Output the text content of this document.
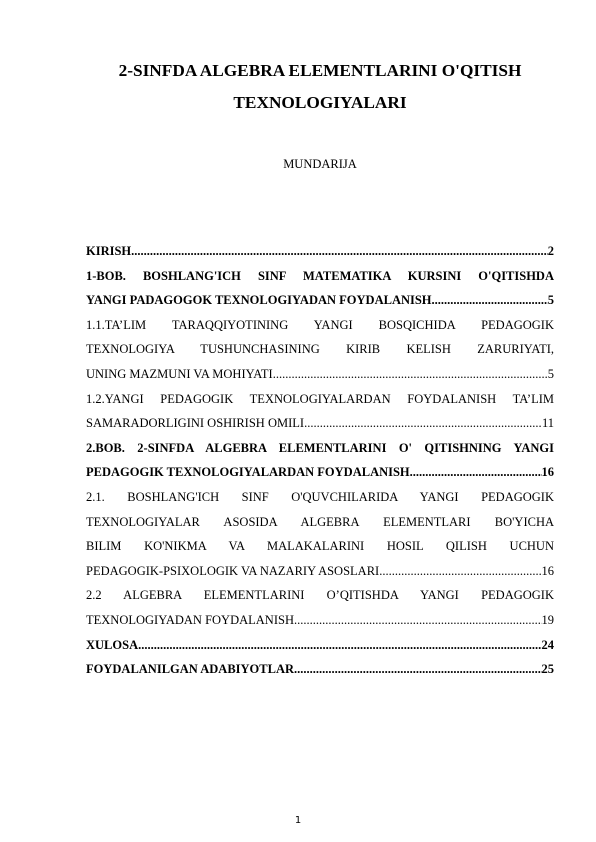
2-SINFDA ALGEBRA ELEMENTLARINI O'QITISH
TEXNOLOGIYALARI
MUNDARIJA
KIRISH .....	2
1-BOB. BOSHLANG'ICH SINF MATEMATIKA KURSINI O'QITISHDA
YANGI PADAGOGOK TEXNOLOGIYADAN FOYDALANISH .....	5
1.1.TA’LIM TARAQQIYOTINING YANGI BOSQICHIDA PEDAGOGIK
TEXNOLOGIYA TUSHUNCHASINING KIRIB KELISH ZARURIYATI,
UNING MAZMUNI VA MOHIYATI .....	5
1.2.YANGI PEDAGOGIK TEXNOLOGIYALARDAN FOYDALANISH TA’LIM
SAMARADORLIGINI OSHIRISH OMILI .....	11
2.BOB. 2-SINFDA ALGEBRA ELEMENTLARINI O' QITISHNING YANGI
PEDAGOGIK TEXNOLOGIYALARDAN FOYDALANISH .....	16
2.1. BOSHLANG'ICH SINF O'QUVCHILARIDA YANGI PEDAGOGIK
TEXNOLOGIYALAR ASOSIDA ALGEBRA ELEMENTLARI BO'YICHA
BILIM KO'NIKMA VA MALAKALARINI HOSIL QILISH UCHUN
PEDAGOGIK-PSIXOLOGIK VA NAZARIY ASOSLARI .....	16
2.2 ALGEBRA ELEMENTLARINI O’QITISHDA YANGI PEDAGOGIK
TEXNOLOGIYADAN FOYDALANISH .....	19
XULOSA .....	24
FOYDALANILGAN ADABIYOTLAR .....	25
1
